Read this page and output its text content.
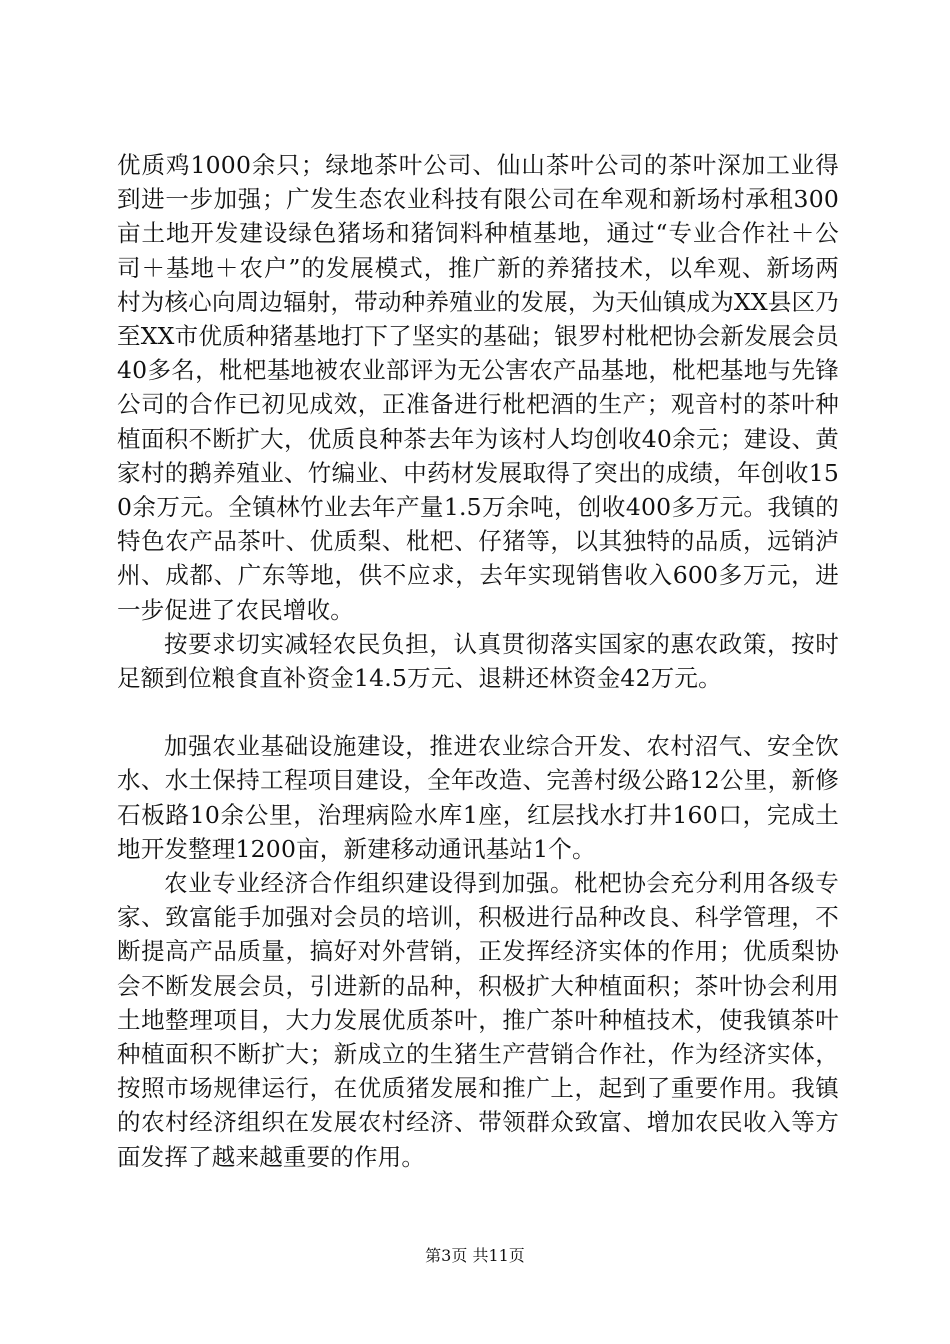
优质鸡1000余只；绿地茶叶公司、仙山茶叶公司的茶叶深加工业得到进一步加强；广发生态农业科技有限公司在牟观和新场村承租300亩土地开发建设绿色猪场和猪饲料种植基地，通过“专业合作社＋公司＋基地＋农户”的发展模式，推广新的养猪技术，以牟观、新场两村为核心向周边辐射，带动种养殖业的发展，为天仙镇成为XX县区乃至XX市优质种猪基地打下了坚实的基础；银罗村枇杷协会新发展会员40多名，枇杷基地被农业部评为无公害农产品基地，枇杷基地与先锋公司的合作已初见成效，正准备进行枇杷酒的生产；观音村的茶叶种植面积不断扩大，优质良种茶去年为该村人均创收40余元；建设、黄家村的鹅养殖业、竹编业、中药材发展取得了突出的成绩，年创收150余万元。全镇林竹业去年产量1.5万余吨，创收400多万元。我镇的特色农产品茶叶、优质梨、枇杷、仔猪等，以其独特的品质，远销泸州、成都、广东等地，供不应求，去年实现销售收入600多万元，进一步促进了农民增收。

按要求切实减轻农民负担，认真贯彻落实国家的惠农政策，按时足额到位粮食直补资金14.5万元、退耕还林资金42万元。

加强农业基础设施建设，推进农业综合开发、农村沼气、安全饮水、水土保持工程项目建设，全年改造、完善村级公路12公里，新修石板路10余公里，治理病险水库1座，红层找水打井160口，完成土地开发整理1200亩，新建移动通讯基站1个。

农业专业经济合作组织建设得到加强。枇杷协会充分利用各级专家、致富能手加强对会员的培训，积极进行品种改良、科学管理，不断提高产品质量，搞好对外营销，正发挥经济实体的作用；优质梨协会不断发展会员，引进新的品种，积极扩大种植面积；茶叶协会利用土地整理项目，大力发展优质茶叶，推广茶叶种植技术，使我镇茶叶种植面积不断扩大；新成立的生猪生产营销合作社，作为经济实体，按照市场规律运行，在优质猪发展和推广上，起到了重要作用。我镇的农村经济组织在发展农村经济、带领群众致富、增加农民收入等方面发挥了越来越重要的作用。

第3页 共11页
